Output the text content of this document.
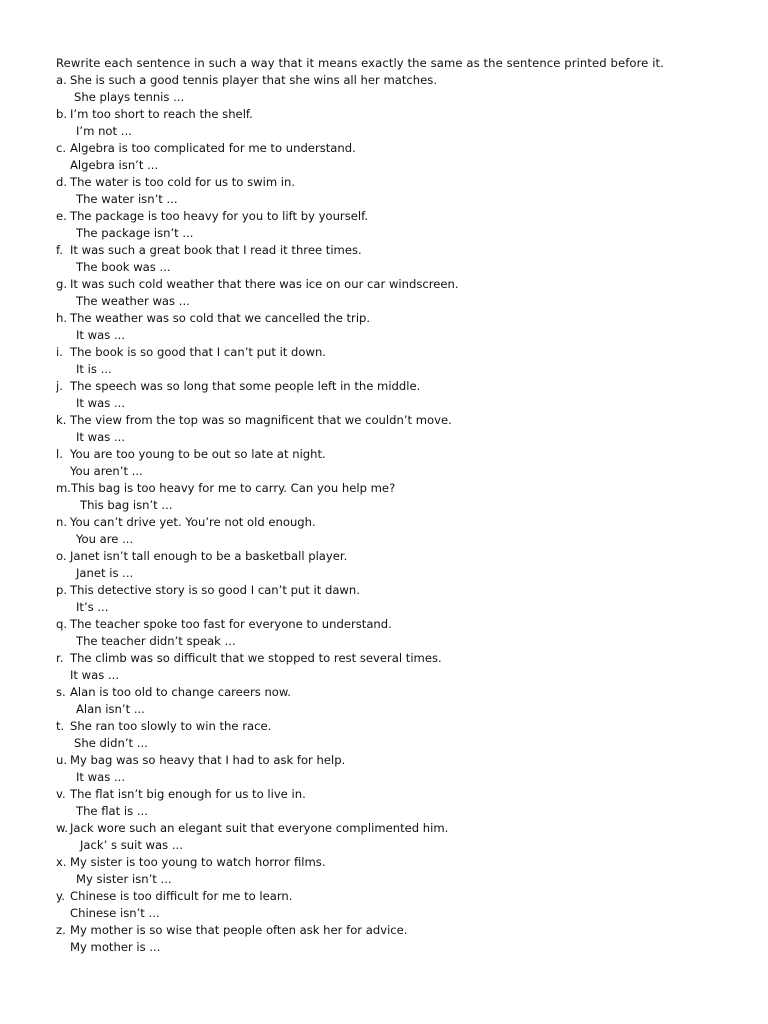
Rewrite each sentence in such a way that it means exactly the same as the sentence printed before it.
a. She is such a good tennis player that she wins all her matches.
She plays tennis ...
b. I’m too short to reach the shelf.
I’m not ...
c. Algebra is too complicated for me to understand.
Algebra isn’t ...
d. The water is too cold for us to swim in.
The water isn’t ...
e. The package is too heavy for you to lift by yourself.
The package isn’t ...
f. It was such a great book that I read it three times.
The book was ...
g. It was such cold weather that there was ice on our car windscreen.
The weather was ...
h. The weather was so cold that we cancelled the trip.
It was ...
i. The book is so good that I can’t put it down.
It is ...
j. The speech was so long that some people left in the middle.
It was ...
k. The view from the top was so magnificent that we couldn’t move.
It was ...
l. You are too young to be out so late at night.
You aren’t ...
m.This bag is too heavy for me to carry. Can you help me?
This bag isn’t ...
n. You can’t drive yet. You’re not old enough.
You are ...
o. Janet isn’t tall enough to be a basketball player.
Janet is ...
p. This detective story is so good I can’t put it dawn.
It’s ...
q. The teacher spoke too fast for everyone to understand.
The teacher didn’t speak ...
r. The climb was so difficult that we stopped to rest several times.
It was ...
s. Alan is too old to change careers now.
Alan isn’t ...
t. She ran too slowly to win the race.
She didn’t ...
u. My bag was so heavy that I had to ask for help.
It was ...
v. The flat isn’t big enough for us to live in.
The flat is ...
w. Jack wore such an elegant suit that everyone complimented him.
Jack’ s suit was ...
x. My sister is too young to watch horror films.
My sister isn’t ...
y. Chinese is too difficult for me to learn.
Chinese isn’t ...
z. My mother is so wise that people often ask her for advice.
My mother is ...
